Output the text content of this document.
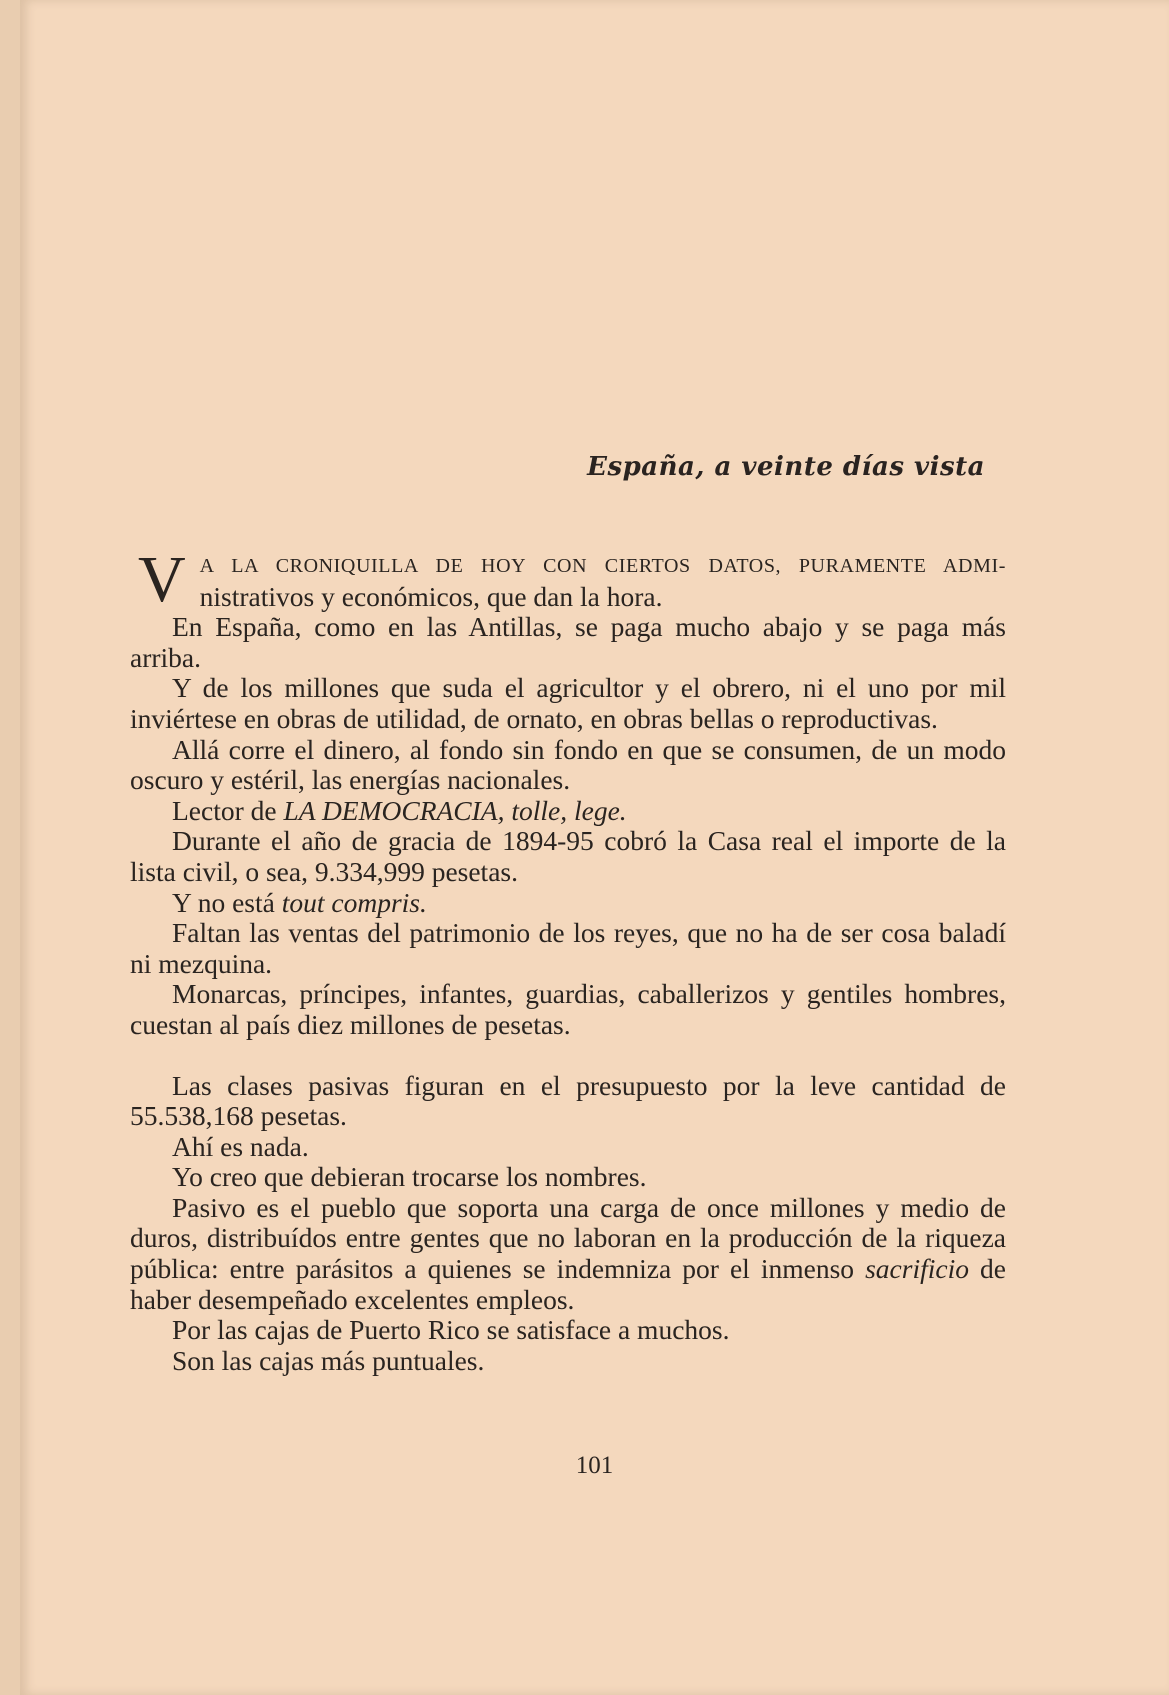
España, a veinte días vista

V A LA CRONIQUILLA DE HOY CON CIERTOS DATOS, PURAMENTE ADMI- nistrativos y económicos, que dan la hora.

En España, como en las Antillas, se paga mucho abajo y se paga más arriba.

Y de los millones que suda el agricultor y el obrero, ni el uno por mil inviértese en obras de utilidad, de ornato, en obras bellas o reproductivas.

Allá corre el dinero, al fondo sin fondo en que se consumen, de un modo oscuro y estéril, las energías nacionales.

Lector de LA DEMOCRACIA, tolle, lege.

Durante el año de gracia de 1894-95 cobró la Casa real el importe de la lista civil, o sea, 9.334,999 pesetas.

Y no está tout compris.

Faltan las ventas del patrimonio de los reyes, que no ha de ser cosa baladí ni mezquina.

Monarcas, príncipes, infantes, guardias, caballerizos y gentiles hombres, cuestan al país diez millones de pesetas.

Las clases pasivas figuran en el presupuesto por la leve cantidad de 55.538,168 pesetas.

Ahí es nada.

Yo creo que debieran trocarse los nombres.

Pasivo es el pueblo que soporta una carga de once millones y medio de duros, distribuídos entre gentes que no laboran en la producción de la riqueza pública: entre parásitos a quienes se indemniza por el inmenso sacrificio de haber desempeñado excelentes empleos.

Por las cajas de Puerto Rico se satisface a muchos.

Son las cajas más puntuales.

101
